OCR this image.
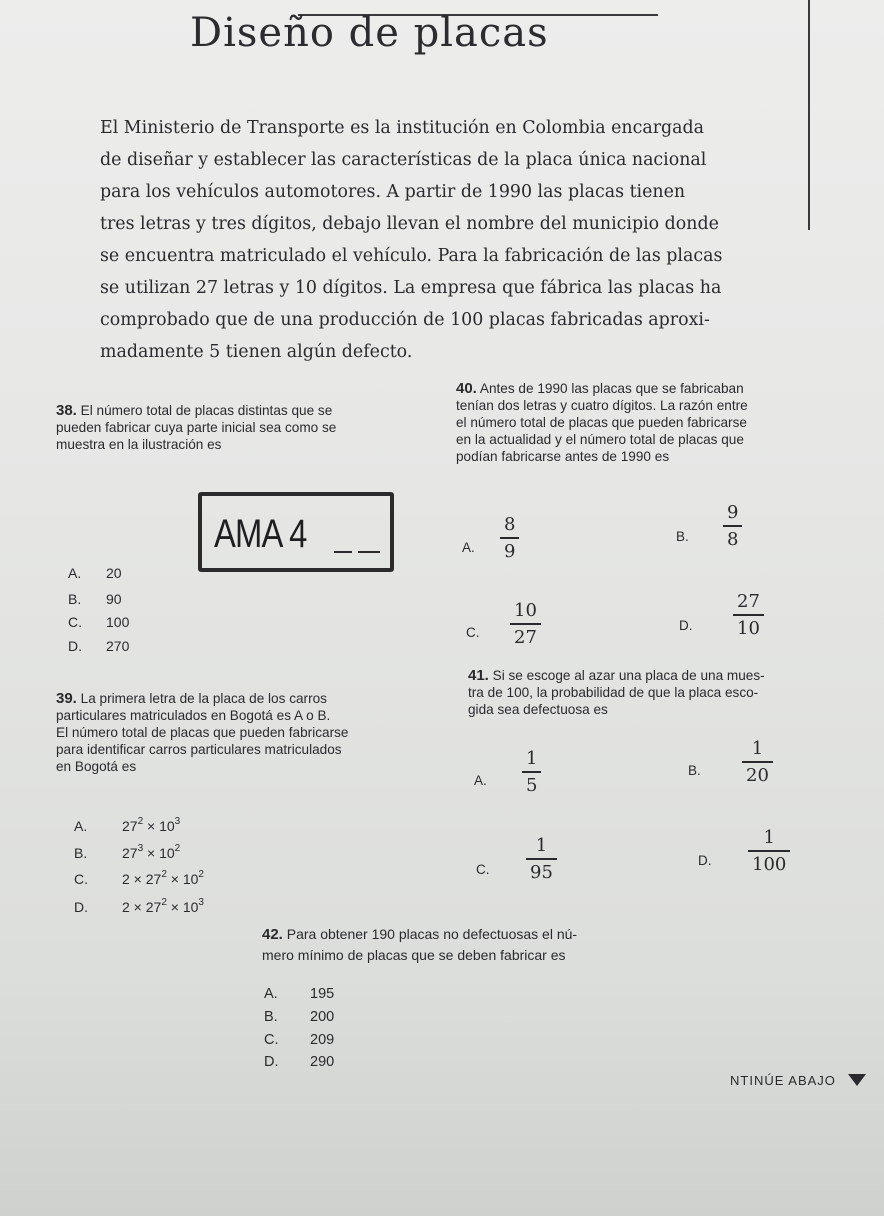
Diseño de placas
El Ministerio de Transporte es la institución en Colombia encargada
de diseñar y establecer las características de la placa única nacional
para los vehículos automotores. A partir de 1990 las placas tienen
tres letras y tres dígitos, debajo llevan el nombre del municipio donde
se encuentra matriculado el vehículo. Para la fabricación de las placas
se utilizan 27 letras y 10 dígitos. La empresa que fábrica las placas ha
comprobado que de una producción de 100 placas fabricadas aproxi-
madamente 5 tienen algún defecto.
38. El número total de placas distintas que se
pueden fabricar cuya parte inicial sea como se
muestra en la ilustración es
AMA 4
A. 20
B. 90
C. 100
D. 270
39. La primera letra de la placa de los carros
particulares matriculados en Bogotá es A o B.
El número total de placas que pueden fabricarse
para identificar carros particulares matriculados
en Bogotá es
A. $27^2 \times 10^3$
B. $27^3 \times 10^2$
C. $2 \times 27^2 \times 10^2$
D. $2 \times 27^2 \times 10^3$
40. Antes de 1990 las placas que se fabricaban
tenían dos letras y cuatro dígitos. La razón entre
el número total de placas que pueden fabricarse
en la actualidad y el número total de placas que
podían fabricarse antes de 1990 es
A.
8
9
B.
9
8
C.
10
27
D.
27
10
41. Si se escoge al azar una placa de una mues-
tra de 100, la probabilidad de que la placa esco-
gida sea defectuosa es
A.
1
5
B.
1
20
C.
1
95
D.
1
100
42. Para obtener 190 placas no defectuosas el nú-
mero mínimo de placas que se deben fabricar es
A. 195
B. 200
C. 209
D. 290
NTINÚE ABAJO
